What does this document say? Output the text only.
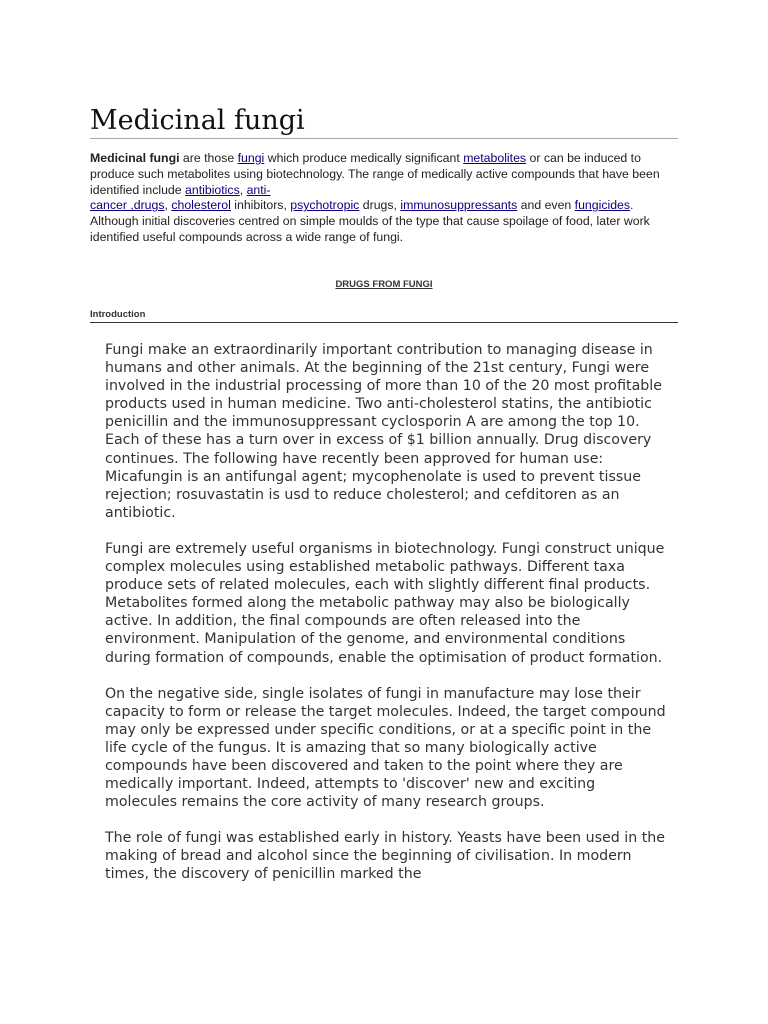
Medicinal fungi

Medicinal fungi are those fungi which produce medically significant metabolites or can be induced to produce such metabolites using biotechnology. The range of medically active compounds that have been identified include antibiotics, anti-
cancer ,drugs, cholesterol inhibitors, psychotropic drugs, immunosuppressants and even fungicides. Although initial discoveries centred on simple moulds of the type that cause spoilage of food, later work identified useful compounds across a wide range of fungi.

DRUGS FROM FUNGI

Introduction

Fungi make an extraordinarily important contribution to managing disease in humans and other animals. At the beginning of the 21st century, Fungi were involved in the industrial processing of more than 10 of the 20 most profitable products used in human medicine. Two anti-cholesterol statins, the antibiotic penicillin and the immunosuppressant cyclosporin A are among the top 10. Each of these has a turn over in excess of $1 billion annually. Drug discovery continues. The following have recently been approved for human use: Micafungin is an antifungal agent; mycophenolate is used to prevent tissue rejection; rosuvastatin is usd to reduce cholesterol; and cefditoren as an antibiotic.

Fungi are extremely useful organisms in biotechnology. Fungi construct unique complex molecules using established metabolic pathways. Different taxa produce sets of related molecules, each with slightly different final products. Metabolites formed along the metabolic pathway may also be biologically active. In addition, the final compounds are often released into the environment. Manipulation of the genome, and environmental conditions during formation of compounds, enable the optimisation of product formation.

On the negative side, single isolates of fungi in manufacture may lose their capacity to form or release the target molecules. Indeed, the target compound may only be expressed under specific conditions, or at a specific point in the life cycle of the fungus. It is amazing that so many biologically active compounds have been discovered and taken to the point where they are medically important. Indeed, attempts to 'discover' new and exciting molecules remains the core activity of many research groups.

The role of fungi was established early in history. Yeasts have been used in the making of bread and alcohol since the beginning of civilisation. In modern times, the discovery of penicillin marked the
